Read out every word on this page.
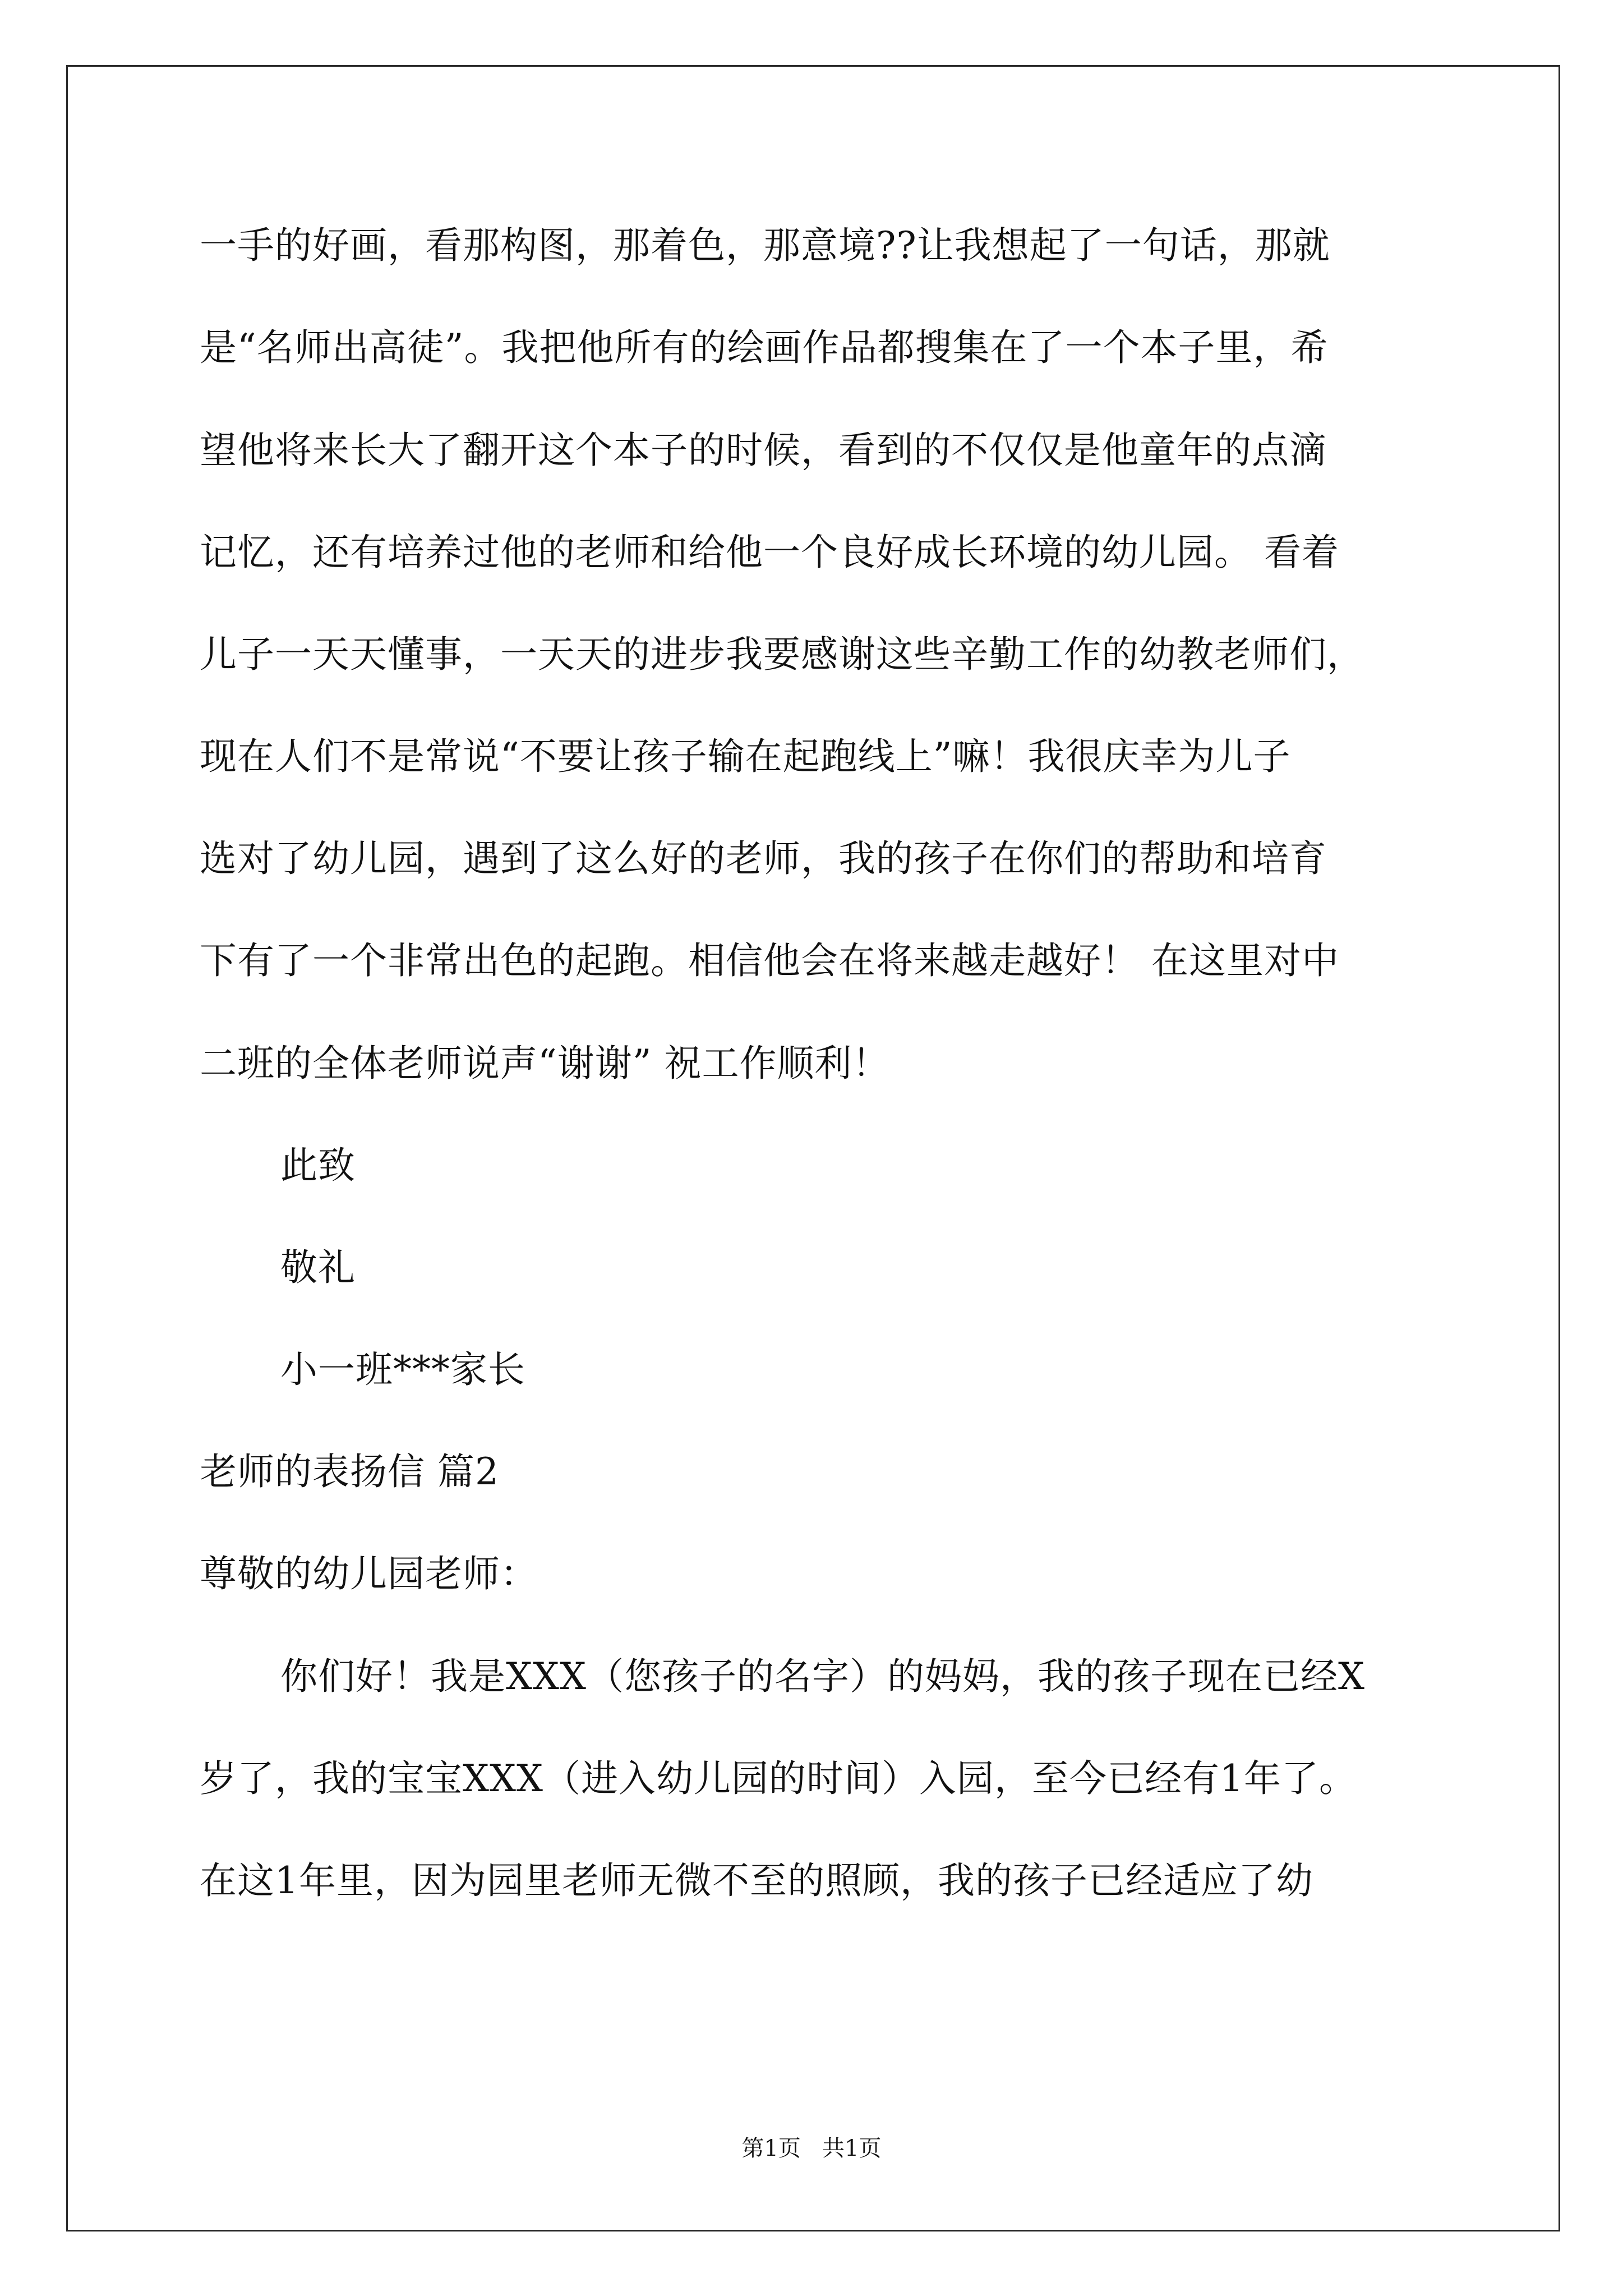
一手的好画，看那构图，那着色，那意境??让我想起了一句话，那就
是“名师出高徒”。我把他所有的绘画作品都搜集在了一个本子里，希
望他将来长大了翻开这个本子的时候，看到的不仅仅是他童年的点滴
记忆，还有培养过他的老师和给他一个良好成长环境的幼儿园。 看着
儿子一天天懂事，一天天的进步我要感谢这些辛勤工作的幼教老师们，
现在人们不是常说“不要让孩子输在起跑线上”嘛！我很庆幸为儿子
选对了幼儿园，遇到了这么好的老师，我的孩子在你们的帮助和培育
下有了一个非常出色的起跑。相信他会在将来越走越好！ 在这里对中
二班的全体老师说声“谢谢” 祝工作顺利！
此致
敬礼
小一班***家长
老师的表扬信 篇2
尊敬的幼儿园老师：
你们好！我是XXX（您孩子的名字）的妈妈，我的孩子现在已经X
岁了，我的宝宝XXX（进入幼儿园的时间）入园，至今已经有1年了。
在这1年里，因为园里老师无微不至的照顾，我的孩子已经适应了幼
第1页   共1页
